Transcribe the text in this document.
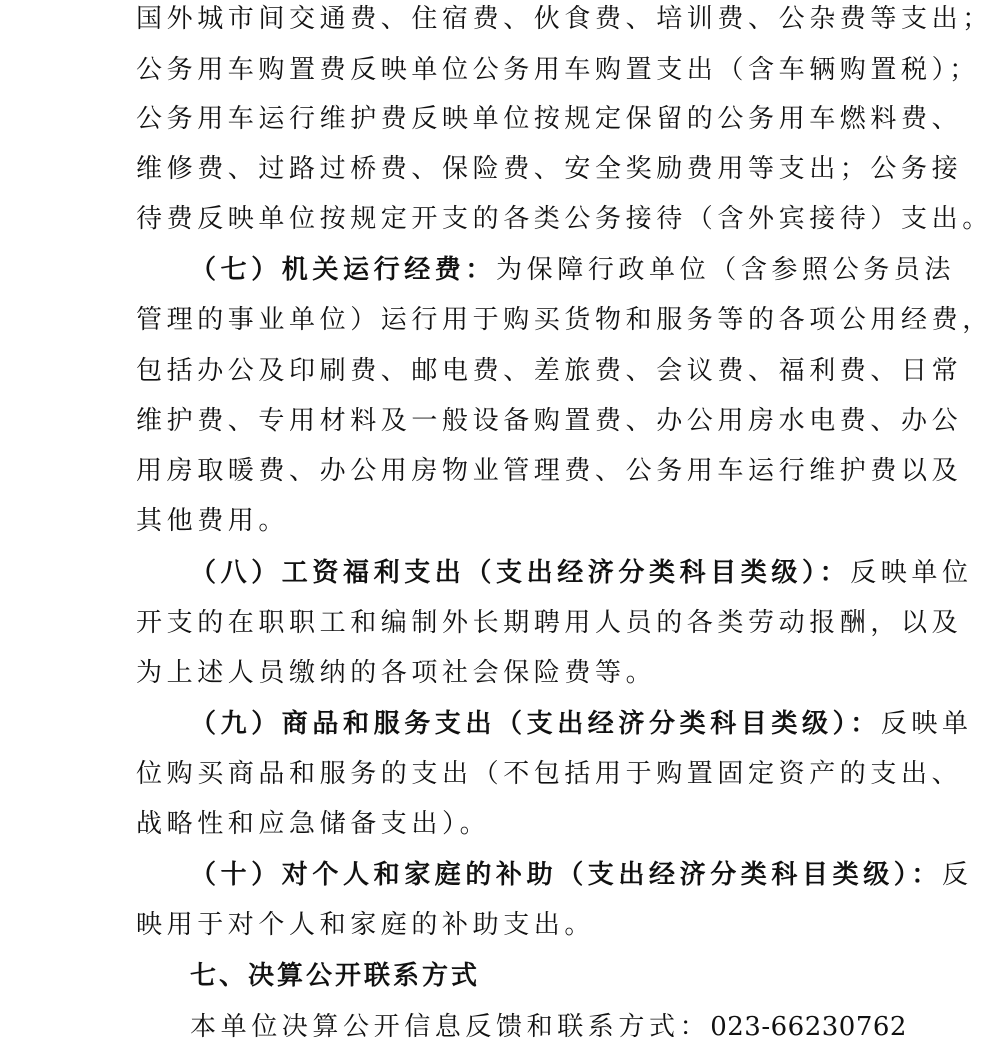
国外城市间交通费、住宿费、伙食费、培训费、公杂费等支出；
公务用车购置费反映单位公务用车购置支出（含车辆购置税）；
公务用车运行维护费反映单位按规定保留的公务用车燃料费、
维修费、过路过桥费、保险费、安全奖励费用等支出；公务接
待费反映单位按规定开支的各类公务接待（含外宾接待）支出。
（七）机关运行经费：为保障行政单位（含参照公务员法
管理的事业单位）运行用于购买货物和服务等的各项公用经费，
包括办公及印刷费、邮电费、差旅费、会议费、福利费、日常
维护费、专用材料及一般设备购置费、办公用房水电费、办公
用房取暖费、办公用房物业管理费、公务用车运行维护费以及
其他费用。
（八）工资福利支出（支出经济分类科目类级）：反映单位
开支的在职职工和编制外长期聘用人员的各类劳动报酬，以及
为上述人员缴纳的各项社会保险费等。
（九）商品和服务支出（支出经济分类科目类级）：反映单
位购买商品和服务的支出（不包括用于购置固定资产的支出、
战略性和应急储备支出）。
（十）对个人和家庭的补助（支出经济分类科目类级）：反
映用于对个人和家庭的补助支出。
七、决算公开联系方式
本单位决算公开信息反馈和联系方式：023-66230762
